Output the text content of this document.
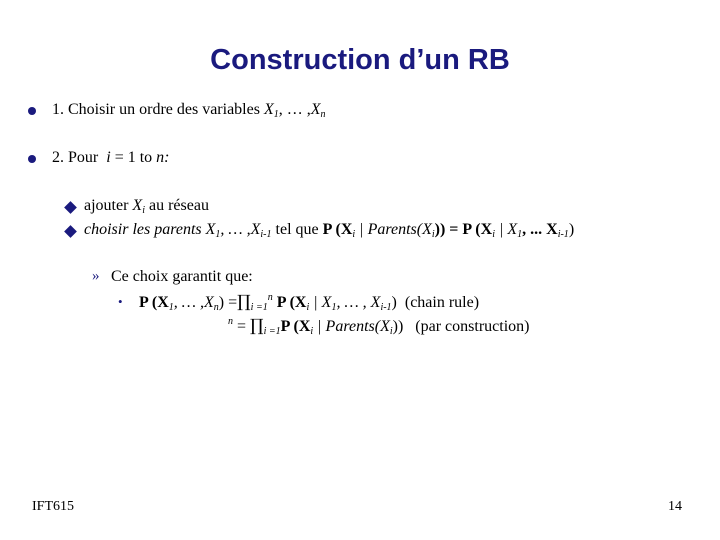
Construction d’un RB
1. Choisir un ordre des variables $X_1$, … $,X_n$
2. Pour i = 1 to n:
ajouter $X_i$ au réseau
choisir les parents $X_1$, … $,X_{i-1}$ tel que P ($X_i$ | $Parents(X_i)) = P$ ($X_i$ | $X_1$, ... $X_{i-1}$)
» Ce choix garantit que:
• P ($X_1$, … $,X_n$) $=\prod_{i =1}^n$ P ($X_i$ | $X_1$, … , $X_{i-1}$) (chain rule)
$^n = \prod_{i =1}P$ ($X_i$ | $Parents(X_i)$) (par construction)
IFT615	14
